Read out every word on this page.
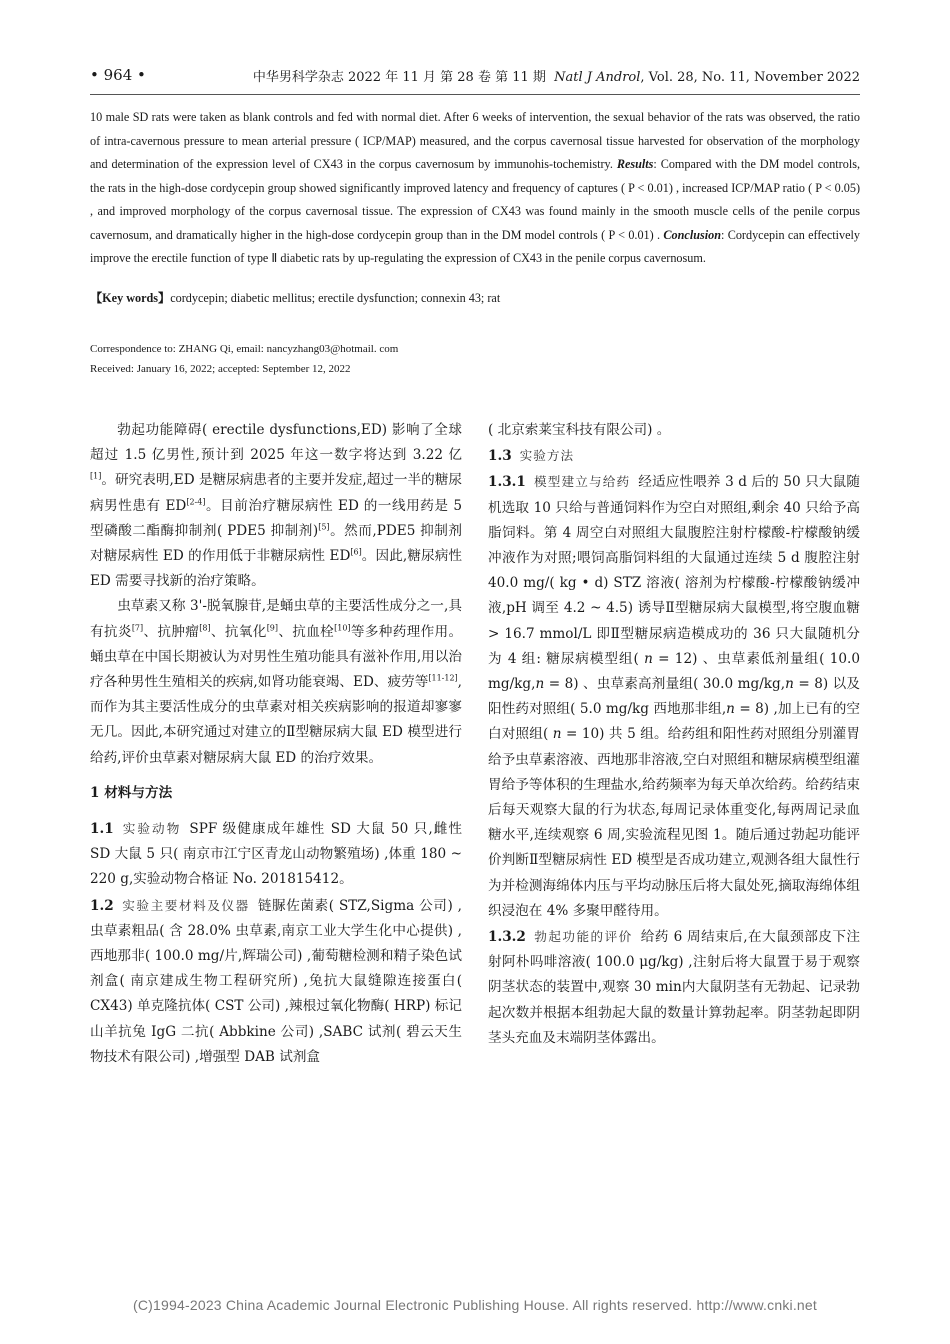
• 964 •	中华男科学杂志 2022 年 11 月 第 28 卷 第 11 期 Natl J Androl, Vol. 28, No. 11, November 2022

10 male SD rats were taken as blank controls and fed with normal diet. After 6 weeks of intervention, the sexual behavior of the rats was observed, the ratio of intra-cavernous pressure to mean arterial pressure ( ICP/MAP) measured, and the corpus cavernosal tissue harvested for observation of the morphology and determination of the expression level of CX43 in the corpus cavernosum by immunohis-tochemistry. Results: Compared with the DM model controls, the rats in the high-dose cordycepin group showed significantly improved latency and frequency of captures ( P < 0.01) , increased ICP/MAP ratio ( P < 0.05) , and improved morphology of the corpus cavernosal tissue. The expression of CX43 was found mainly in the smooth muscle cells of the penile corpus cavernosum, and dramatically higher in the high-dose cordycepin group than in the DM model controls ( P < 0.01) . Conclusion: Cordycepin can effectively improve the erectile function of type Ⅱ diabetic rats by up-regulating the expression of CX43 in the penile corpus cavernosum.

【Key words】cordycepin; diabetic mellitus; erectile dysfunction; connexin 43; rat
Correspondence to: ZHANG Qi, email: nancyzhang03@hotmail. com
Received: January 16, 2022; accepted: September 12, 2022

勃起功能障碍( erectile dysfunctions,ED) 影响了全球超过 1.5 亿男性,预计到 2025 年这一数字将达到 3.22 亿[1]。研究表明,ED 是糖尿病患者的主要并发症,超过一半的糖尿病男性患有 ED[2-4]。目前治疗糖尿病性 ED 的一线用药是 5 型磷酸二酯酶抑制剂( PDE5 抑制剂)[5]。然而,PDE5 抑制剂对糖尿病性 ED 的作用低于非糖尿病性 ED[6]。因此,糖尿病性 ED 需要寻找新的治疗策略。

虫草素又称 3'-脱氧腺苷,是蛹虫草的主要活性成分之一,具有抗炎[7]、抗肿瘤[8]、抗氧化[9]、抗血栓[10]等多种药理作用。蛹虫草在中国长期被认为对男性生殖功能具有滋补作用,用以治疗各种男性生殖相关的疾病,如肾功能衰竭、ED、疲劳等[11-12],而作为其主要活性成分的虫草素对相关疾病影响的报道却寥寥无几。因此,本研究通过对建立的Ⅱ型糖尿病大鼠 ED 模型进行给药,评价虫草素对糖尿病大鼠 ED 的治疗效果。

1 材料与方法

1.1 实验动物 SPF 级健康成年雄性 SD 大鼠 50 只,雌性 SD 大鼠 5 只( 南京市江宁区青龙山动物繁殖场) ,体重 180 ~ 220 g,实验动物合格证 No. 201815412。

1.2 实验主要材料及仪器 链脲佐菌素( STZ,Sigma 公司) ,虫草素粗品( 含 28.0% 虫草素,南京工业大学生化中心提供) ,西地那非( 100.0 mg/片,辉瑞公司) ,葡萄糖检测和精子染色试剂盒( 南京建成生物工程研究所) ,兔抗大鼠缝隙连接蛋白( CX43) 单克隆抗体( CST 公司) ,辣根过氧化物酶( HRP) 标记山羊抗兔 IgG 二抗( Abbkine 公司) ,SABC 试剂( 碧云天生物技术有限公司) ,增强型 DAB 试剂盒

( 北京索莱宝科技有限公司) 。

1.3 实验方法

1.3.1 模型建立与给药 经适应性喂养 3 d 后的 50 只大鼠随机选取 10 只给与普通饲料作为空白对照组,剩余 40 只给予高脂饲料。第 4 周空白对照组大鼠腹腔注射柠檬酸-柠檬酸钠缓冲液作为对照;喂饲高脂饲料组的大鼠通过连续 5 d 腹腔注射 40.0 mg/( kg • d) STZ 溶液( 溶剂为柠檬酸-柠檬酸钠缓冲液,pH 调至 4.2 ~ 4.5) 诱导Ⅱ型糖尿病大鼠模型,将空腹血糖 > 16.7 mmol/L 即Ⅱ型糖尿病造模成功的 36 只大鼠随机分为 4 组: 糖尿病模型组( n = 12) 、虫草素低剂量组( 10.0 mg/kg,n = 8) 、虫草素高剂量组( 30.0 mg/kg,n = 8) 以及阳性药对照组( 5.0 mg/kg 西地那非组,n = 8) ,加上已有的空白对照组( n = 10) 共 5 组。给药组和阳性药对照组分别灌胃给予虫草素溶液、西地那非溶液,空白对照组和糖尿病模型组灌胃给予等体积的生理盐水,给药频率为每天单次给药。给药结束后每天观察大鼠的行为状态,每周记录体重变化,每两周记录血糖水平,连续观察 6 周,实验流程见图 1。随后通过勃起功能评价判断Ⅱ型糖尿病性 ED 模型是否成功建立,观测各组大鼠性行为并检测海绵体内压与平均动脉压后将大鼠处死,摘取海绵体组织浸泡在 4% 多聚甲醛待用。

1.3.2 勃起功能的评价 给药 6 周结束后,在大鼠颈部皮下注射阿朴吗啡溶液( 100.0 μg/kg) ,注射后将大鼠置于易于观察阴茎状态的装置中,观察 30 min内大鼠阴茎有无勃起、记录勃起次数并根据本组勃起大鼠的数量计算勃起率。阴茎勃起即阴茎头充血及末端阴茎体露出。

(C)1994-2023 China Academic Journal Electronic Publishing House. All rights reserved. http://www.cnki.net
